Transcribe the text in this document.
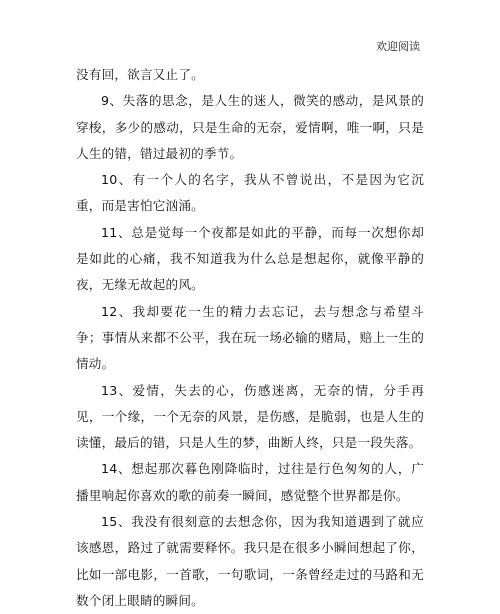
欢迎阅读

没有回，欲言又止了。

9、失落的思念，是人生的迷人，微笑的感动，是风景的穿梭，多少的感动，只是生命的无奈，爱情啊，唯一啊，只是人生的错，错过最初的季节。

10、有一个人的名字，我从不曾说出，不是因为它沉重，而是害怕它汹涌。

11、总是觉每一个夜都是如此的平静，而每一次想你却是如此的心痛，我不知道我为什么总是想起你，就像平静的夜，无缘无故起的风。

12、我却要花一生的精力去忘记，去与想念与希望斗争；事情从来都不公平，我在玩一场必输的赌局，赔上一生的情动。

13、爱情，失去的心，伤感迷离，无奈的情，分手再见，一个缘，一个无奈的风景，是伤感，是脆弱，也是人生的读懂，最后的错，只是人生的梦，曲断人终，只是一段失落。

14、想起那次暮色刚降临时，过往是行色匆匆的人，广播里响起你喜欢的歌的前奏一瞬间，感觉整个世界都是你。

15、我没有很刻意的去想念你，因为我知道遇到了就应该感恩，路过了就需要释怀。我只是在很多小瞬间想起了你，比如一部电影，一首歌，一句歌词，一条曾经走过的马路和无数个闭上眼睛的瞬间。
